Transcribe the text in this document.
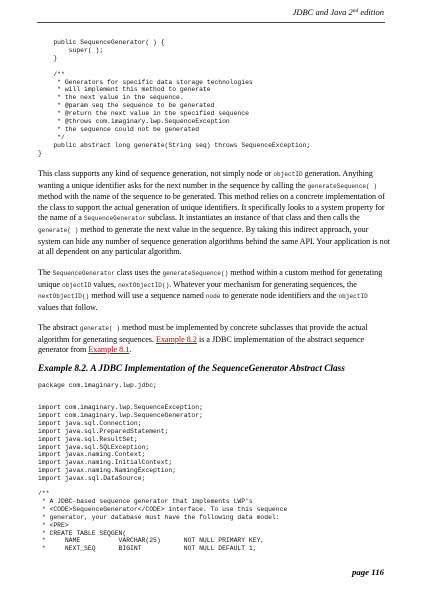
JDBC and Java 2nd edition
public SequenceGenerator( ) {
super( );
}

/**
* Generators for specific data storage technologies
* will implement this method to generate
* the next value in the sequence.
* @param seq the sequence to be generated
* @return the next value in the specified sequence
* @throws com.imaginary.lwp.SequenceException
* the sequence could not be generated
*/
public abstract long generate(String seq) throws SequenceException;
}

This class supports any kind of sequence generation, not simply node or objectID generation. Anything wanting a unique identifier asks for the next number in the sequence by calling the generateSequence( ) method with the name of the sequence to be generated. This method relies on a concrete implementation of the class to support the actual generation of unique identifiers. It specifically looks to a system property for the name of a SequenceGenerator subclass. It instantiates an instance of that class and then calls the generate( ) method to generate the next value in the sequence. By taking this indirect approach, your system can hide any number of sequence generation algorithms behind the same API. Your application is not at all dependent on any particular algorithm.

The SequenceGenerator class uses the generateSequence() method within a custom method for generating unique objectID values, nextObjectID(). Whatever your mechanism for generating sequences, the nextObjectID() method will use a sequence named node to generate node identifiers and the objectID values that follow.

The abstract generate( ) method must be implemented by concrete subclasses that provide the actual algorithm for generating sequences. Example 8.2 is a JDBC implementation of the abstract sequence generator from Example 8.1.

Example 8.2. A JDBC Implementation of the SequenceGenerator Abstract Class

package com.imaginary.lwp.jdbc;
import com.imaginary.lwp.SequenceException;
import com.imaginary.lwp.SequenceGenerator;
import java.sql.Connection;
import java.sql.PreparedStatement;
import java.sql.ResultSet;
import java.sql.SQLException;
import javax.naming.Context;
import javax.naming.InitialContext;
import javax.naming.NamingException;
import javax.sql.DataSource;
/**
* A JDBC-based sequence generator that implements LWP's
* <CODE>SequenceGenerator</CODE> interface. To use this sequence
* generator, your database must have the following data model:
* <PRE>
* CREATE TABLE SEQGEN(
*     NAME          VARCHAR(25)      NOT NULL PRIMARY KEY,
*     NEXT_SEQ      BIGINT           NOT NULL DEFAULT 1,
page 116
